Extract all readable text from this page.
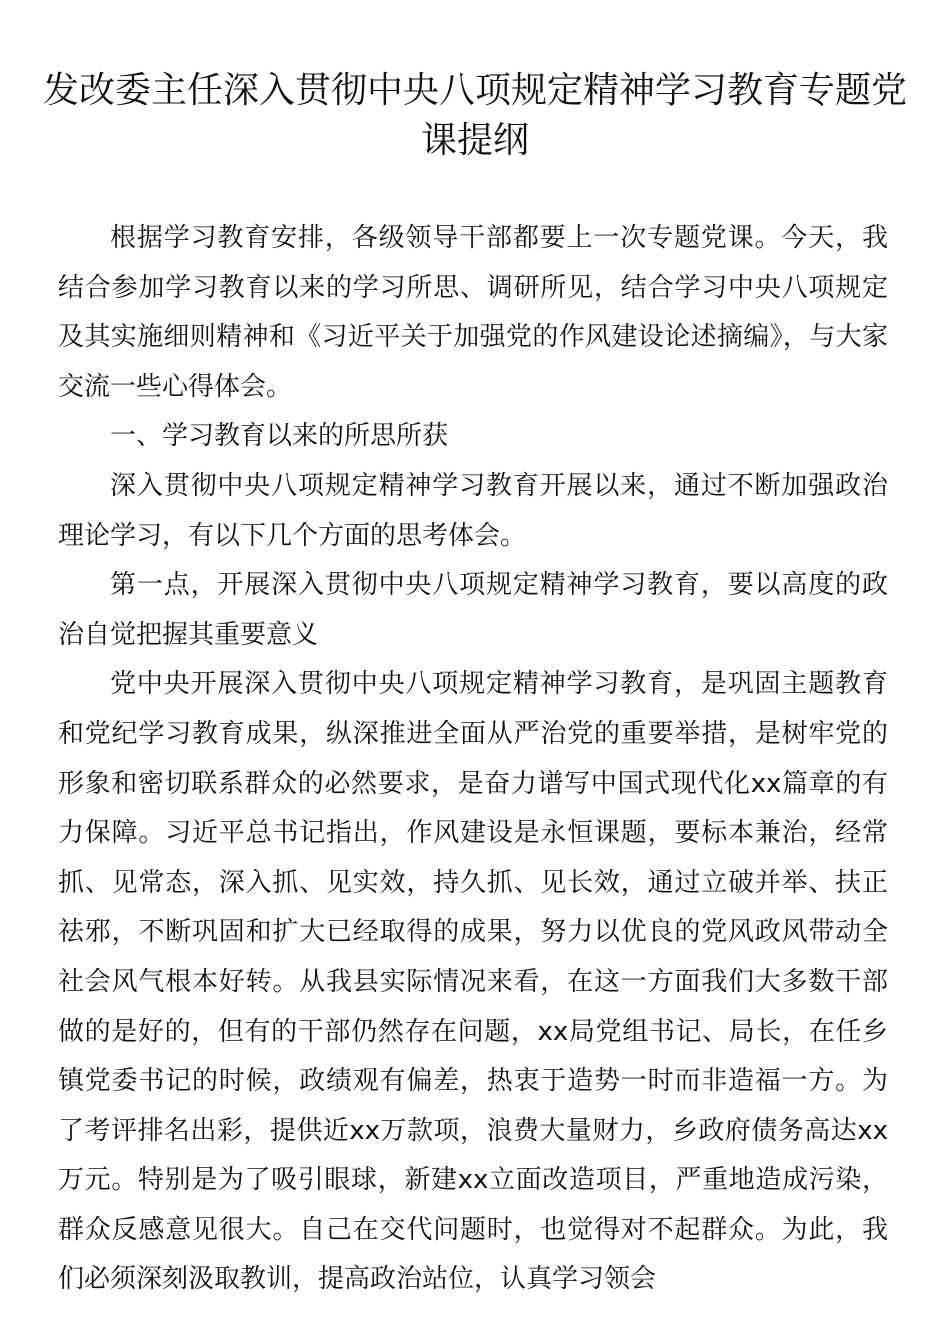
发改委主任深入贯彻中央八项规定精神学习教育专题党课提纲

根据学习教育安排，各级领导干部都要上一次专题党课。今天，我结合参加学习教育以来的学习所思、调研所见，结合学习中央八项规定及其实施细则精神和《习近平关于加强党的作风建设论述摘编》，与大家交流一些心得体会。

一、学习教育以来的所思所获

深入贯彻中央八项规定精神学习教育开展以来，通过不断加强政治理论学习，有以下几个方面的思考体会。

第一点，开展深入贯彻中央八项规定精神学习教育，要以高度的政治自觉把握其重要意义

党中央开展深入贯彻中央八项规定精神学习教育，是巩固主题教育和党纪学习教育成果，纵深推进全面从严治党的重要举措，是树牢党的形象和密切联系群众的必然要求，是奋力谱写中国式现代化xx篇章的有力保障。习近平总书记指出，作风建设是永恒课题，要标本兼治，经常抓、见常态，深入抓、见实效，持久抓、见长效，通过立破并举、扶正祛邪，不断巩固和扩大已经取得的成果，努力以优良的党风政风带动全社会风气根本好转。从我县实际情况来看，在这一方面我们大多数干部做的是好的，但有的干部仍然存在问题，xx局党组书记、局长，在任乡镇党委书记的时候，政绩观有偏差，热衷于造势一时而非造福一方。为了考评排名出彩，提供近xx万款项，浪费大量财力，乡政府债务高达xx万元。特别是为了吸引眼球，新建xx立面改造项目，严重地造成污染，群众反感意见很大。自己在交代问题时，也觉得对不起群众。为此，我们必须深刻汲取教训，提高政治站位，认真学习领会
